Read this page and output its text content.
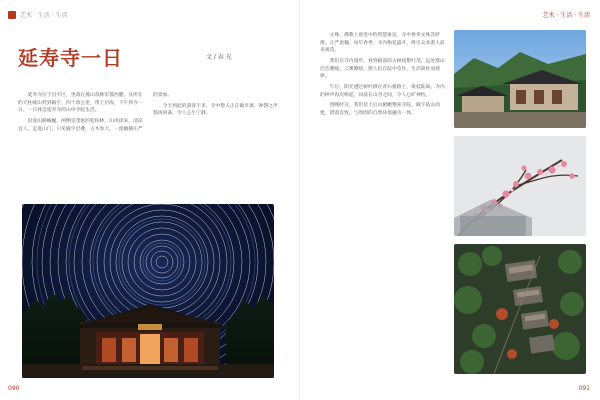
艺术 · 生活 · 生活
延寿寺一日	文 / 春 光

延寿寺位于昌平区，坐落在燕山余脉军都西麓。从所在的天柱峰山势到殿宇，四十余公里，带上层海，下午到寺一日，一日体会延寿寺的山中寺院生活。

沿途山路蜿蜒，两侧是茂密的松柏林，山风徐来，清凉宜人。走进山门，只见殿宇层叠，古木参天，一派幽静庄严的景象。

今天到此的游客不多，寺中僧人正在做早课，钟磬之声悠扬回荡，令人心生宁静。

090
艺术 · 生活 · 生活

文殊，佛教上座堂中的智慧象征，寺中供奉文殊菩萨像，庄严肃穆。每年春季，寺内梅花盛开，吸引众多游人前来观赏。

我们在寺内漫步，看到殿前的古树枝繁叶茂，远处群山层峦叠嶂，云雾缭绕。僧人们在院中劳作，生活简朴而规律。

午后，阳光透过树叶洒在青石板路上，斑驳陆离。寺内的钟声再次响起，回荡在山谷之间，令人心旷神怡。

傍晚时分，我们登上后山俯瞰整座寺院，殿宇依山而建，错落有致，与周围的自然环境融为一体。

091
